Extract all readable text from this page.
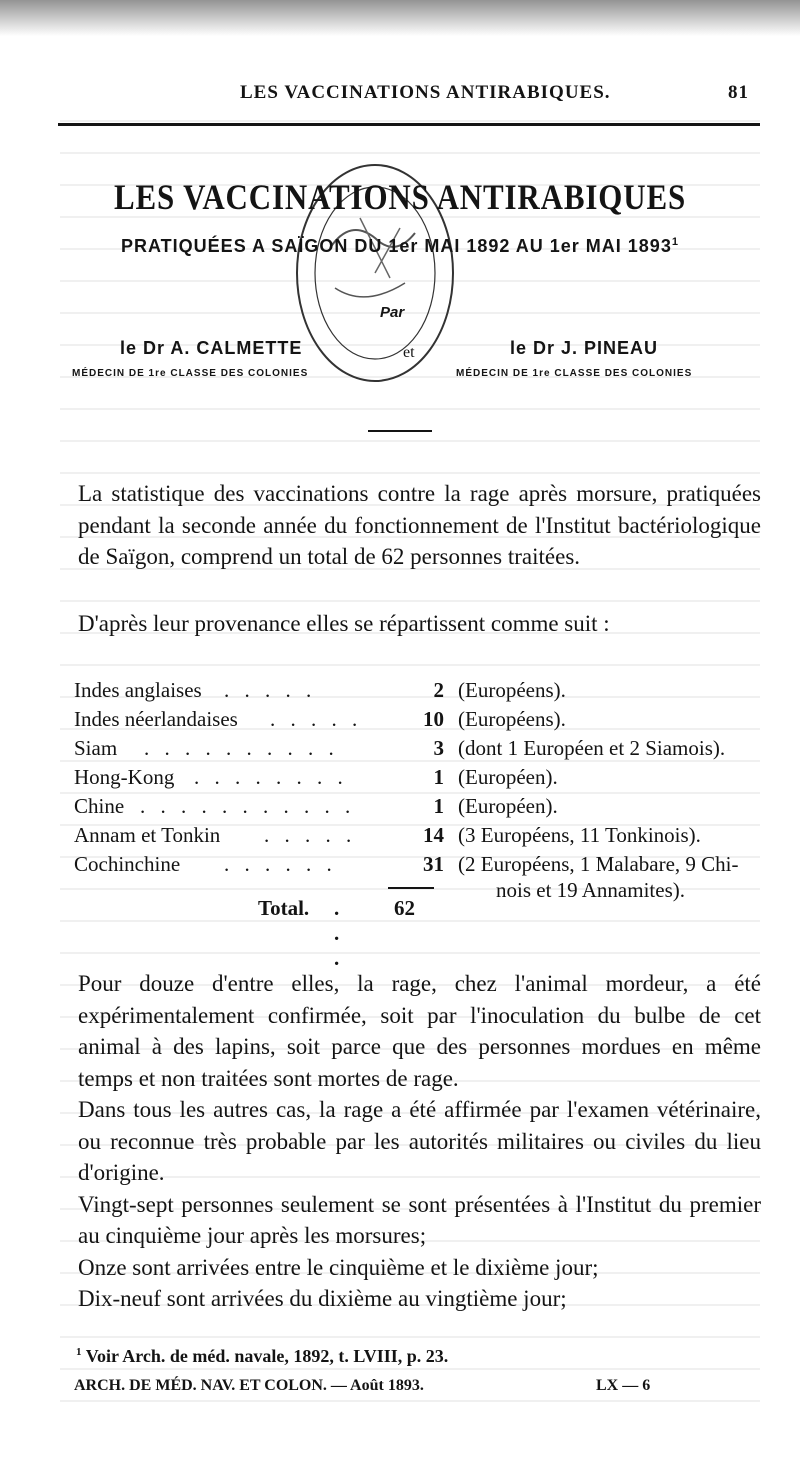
LES VACCINATIONS ANTIRABIQUES.	81
LES VACCINATIONS ANTIRABIQUES
PRATIQUÉES A SAÏGON DU 1er MAI 1892 AU 1er MAI 1893$^1$
Par
le Dr A. CALMETTE	et	le Dr J. PINEAU
MÉDECIN DE 1re CLASSE DES COLONIES	MÉDECIN DE 1re CLASSE DES COLONIES
La statistique des vaccinations contre la rage après morsure, pratiquées pendant la seconde année du fonctionnement de l'Institut bactériologique de Saïgon, comprend un total de 62 personnes traitées.
D'après leur provenance elles se répartissent comme suit :
Indes anglaises . . . . .	2 (Européens).
Indes néerlandaises . . . . .	10 (Européens).
Siam . . . . . . . . . .	3 (dont 1 Européen et 2 Siamois).
Hong-Kong . . . . . . . .	1 (Européen).
Chine . . . . . . . . . . .	1 (Européen).
Annam et Tonkin . . . . .	14 (3 Européens, 11 Tonkinois).
Cochinchine . . . . . .	31 (2 Européens, 1 Malabare, 9 Chi-
nois et 19 Annamites).
Total. . . .
62
Pour douze d'entre elles, la rage, chez l'animal mordeur, a été expérimentalement confirmée, soit par l'inoculation du bulbe de cet animal à des lapins, soit parce que des personnes mordues en même temps et non traitées sont mortes de rage.
Dans tous les autres cas, la rage a été affirmée par l'examen vétérinaire, ou reconnue très probable par les autorités militaires ou civiles du lieu d'origine.
Vingt-sept personnes seulement se sont présentées à l'Institut du premier au cinquième jour après les morsures;
Onze sont arrivées entre le cinquième et le dixième jour;
Dix-neuf sont arrivées du dixième au vingtième jour;
$^1$ Voir Arch. de méd. navale, 1892, t. LVIII, p. 23.
ARCH. DE MÉD. NAV. ET COLON. — Août 1893.	LX — 6
